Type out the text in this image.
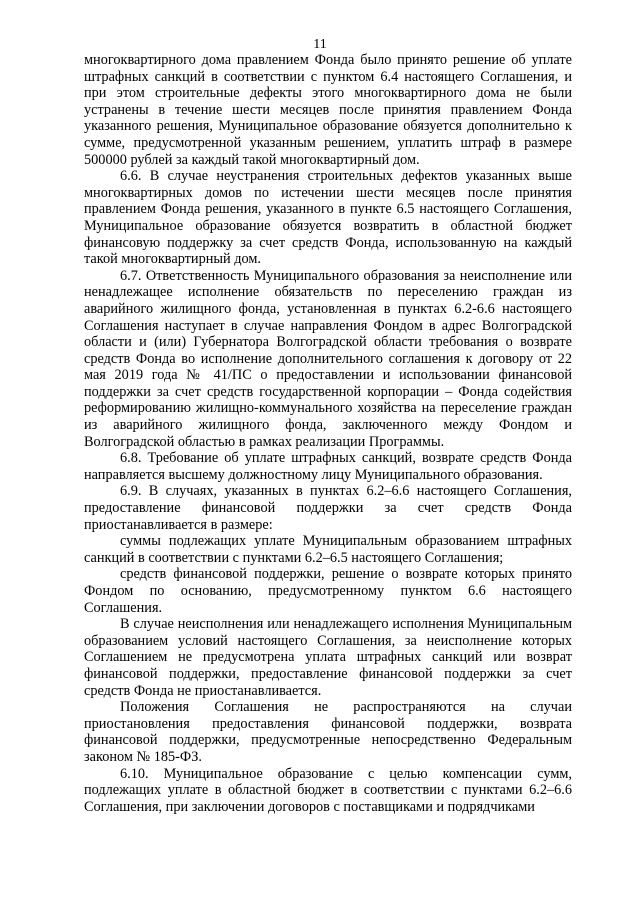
11

многоквартирного дома правлением Фонда было принято решение об уплате штрафных санкций в соответствии с пунктом 6.4 настоящего Соглашения, и при этом строительные дефекты этого многоквартирного дома не были устранены в течение шести месяцев после принятия правлением Фонда указанного решения, Муниципальное образование обязуется дополнительно к сумме, предусмотренной указанным решением, уплатить штраф в размере 500000 рублей за каждый такой многоквартирный дом.

6.6. В случае неустранения строительных дефектов указанных выше многоквартирных домов по истечении шести месяцев после принятия правлением Фонда решения, указанного в пункте 6.5 настоящего Соглашения, Муниципальное образование обязуется возвратить в областной бюджет финансовую поддержку за счет средств Фонда, использованную на каждый такой многоквартирный дом.

6.7. Ответственность Муниципального образования за неисполнение или ненадлежащее исполнение обязательств по переселению граждан из аварийного жилищного фонда, установленная в пунктах 6.2-6.6 настоящего Соглашения наступает в случае направления Фондом в адрес Волгоградской области и (или) Губернатора Волгоградской области требования о возврате средств Фонда во исполнение дополнительного соглашения к договору от 22 мая 2019 года № 41/ПС о предоставлении и использовании финансовой поддержки за счет средств государственной корпорации – Фонда содействия реформированию жилищно-коммунального хозяйства на переселение граждан из аварийного жилищного фонда, заключенного между Фондом и Волгоградской областью в рамках реализации Программы.

6.8. Требование об уплате штрафных санкций, возврате средств Фонда направляется высшему должностному лицу Муниципального образования.

6.9. В случаях, указанных в пунктах 6.2–6.6 настоящего Соглашения, предоставление финансовой поддержки за счет средств Фонда приостанавливается в размере:

суммы подлежащих уплате Муниципальным образованием штрафных санкций в соответствии с пунктами 6.2–6.5 настоящего Соглашения;

средств финансовой поддержки, решение о возврате которых принято Фондом по основанию, предусмотренному пунктом 6.6 настоящего Соглашения.

В случае неисполнения или ненадлежащего исполнения Муниципальным образованием условий настоящего Соглашения, за неисполнение которых Соглашением не предусмотрена уплата штрафных санкций или возврат финансовой поддержки, предоставление финансовой поддержки за счет средств Фонда не приостанавливается.

Положения Соглашения не распространяются на случаи приостановления предоставления финансовой поддержки, возврата финансовой поддержки, предусмотренные непосредственно Федеральным законом № 185-ФЗ.

6.10. Муниципальное образование с целью компенсации сумм, подлежащих уплате в областной бюджет в соответствии с пунктами 6.2–6.6 Соглашения, при заключении договоров с поставщиками и подрядчиками
